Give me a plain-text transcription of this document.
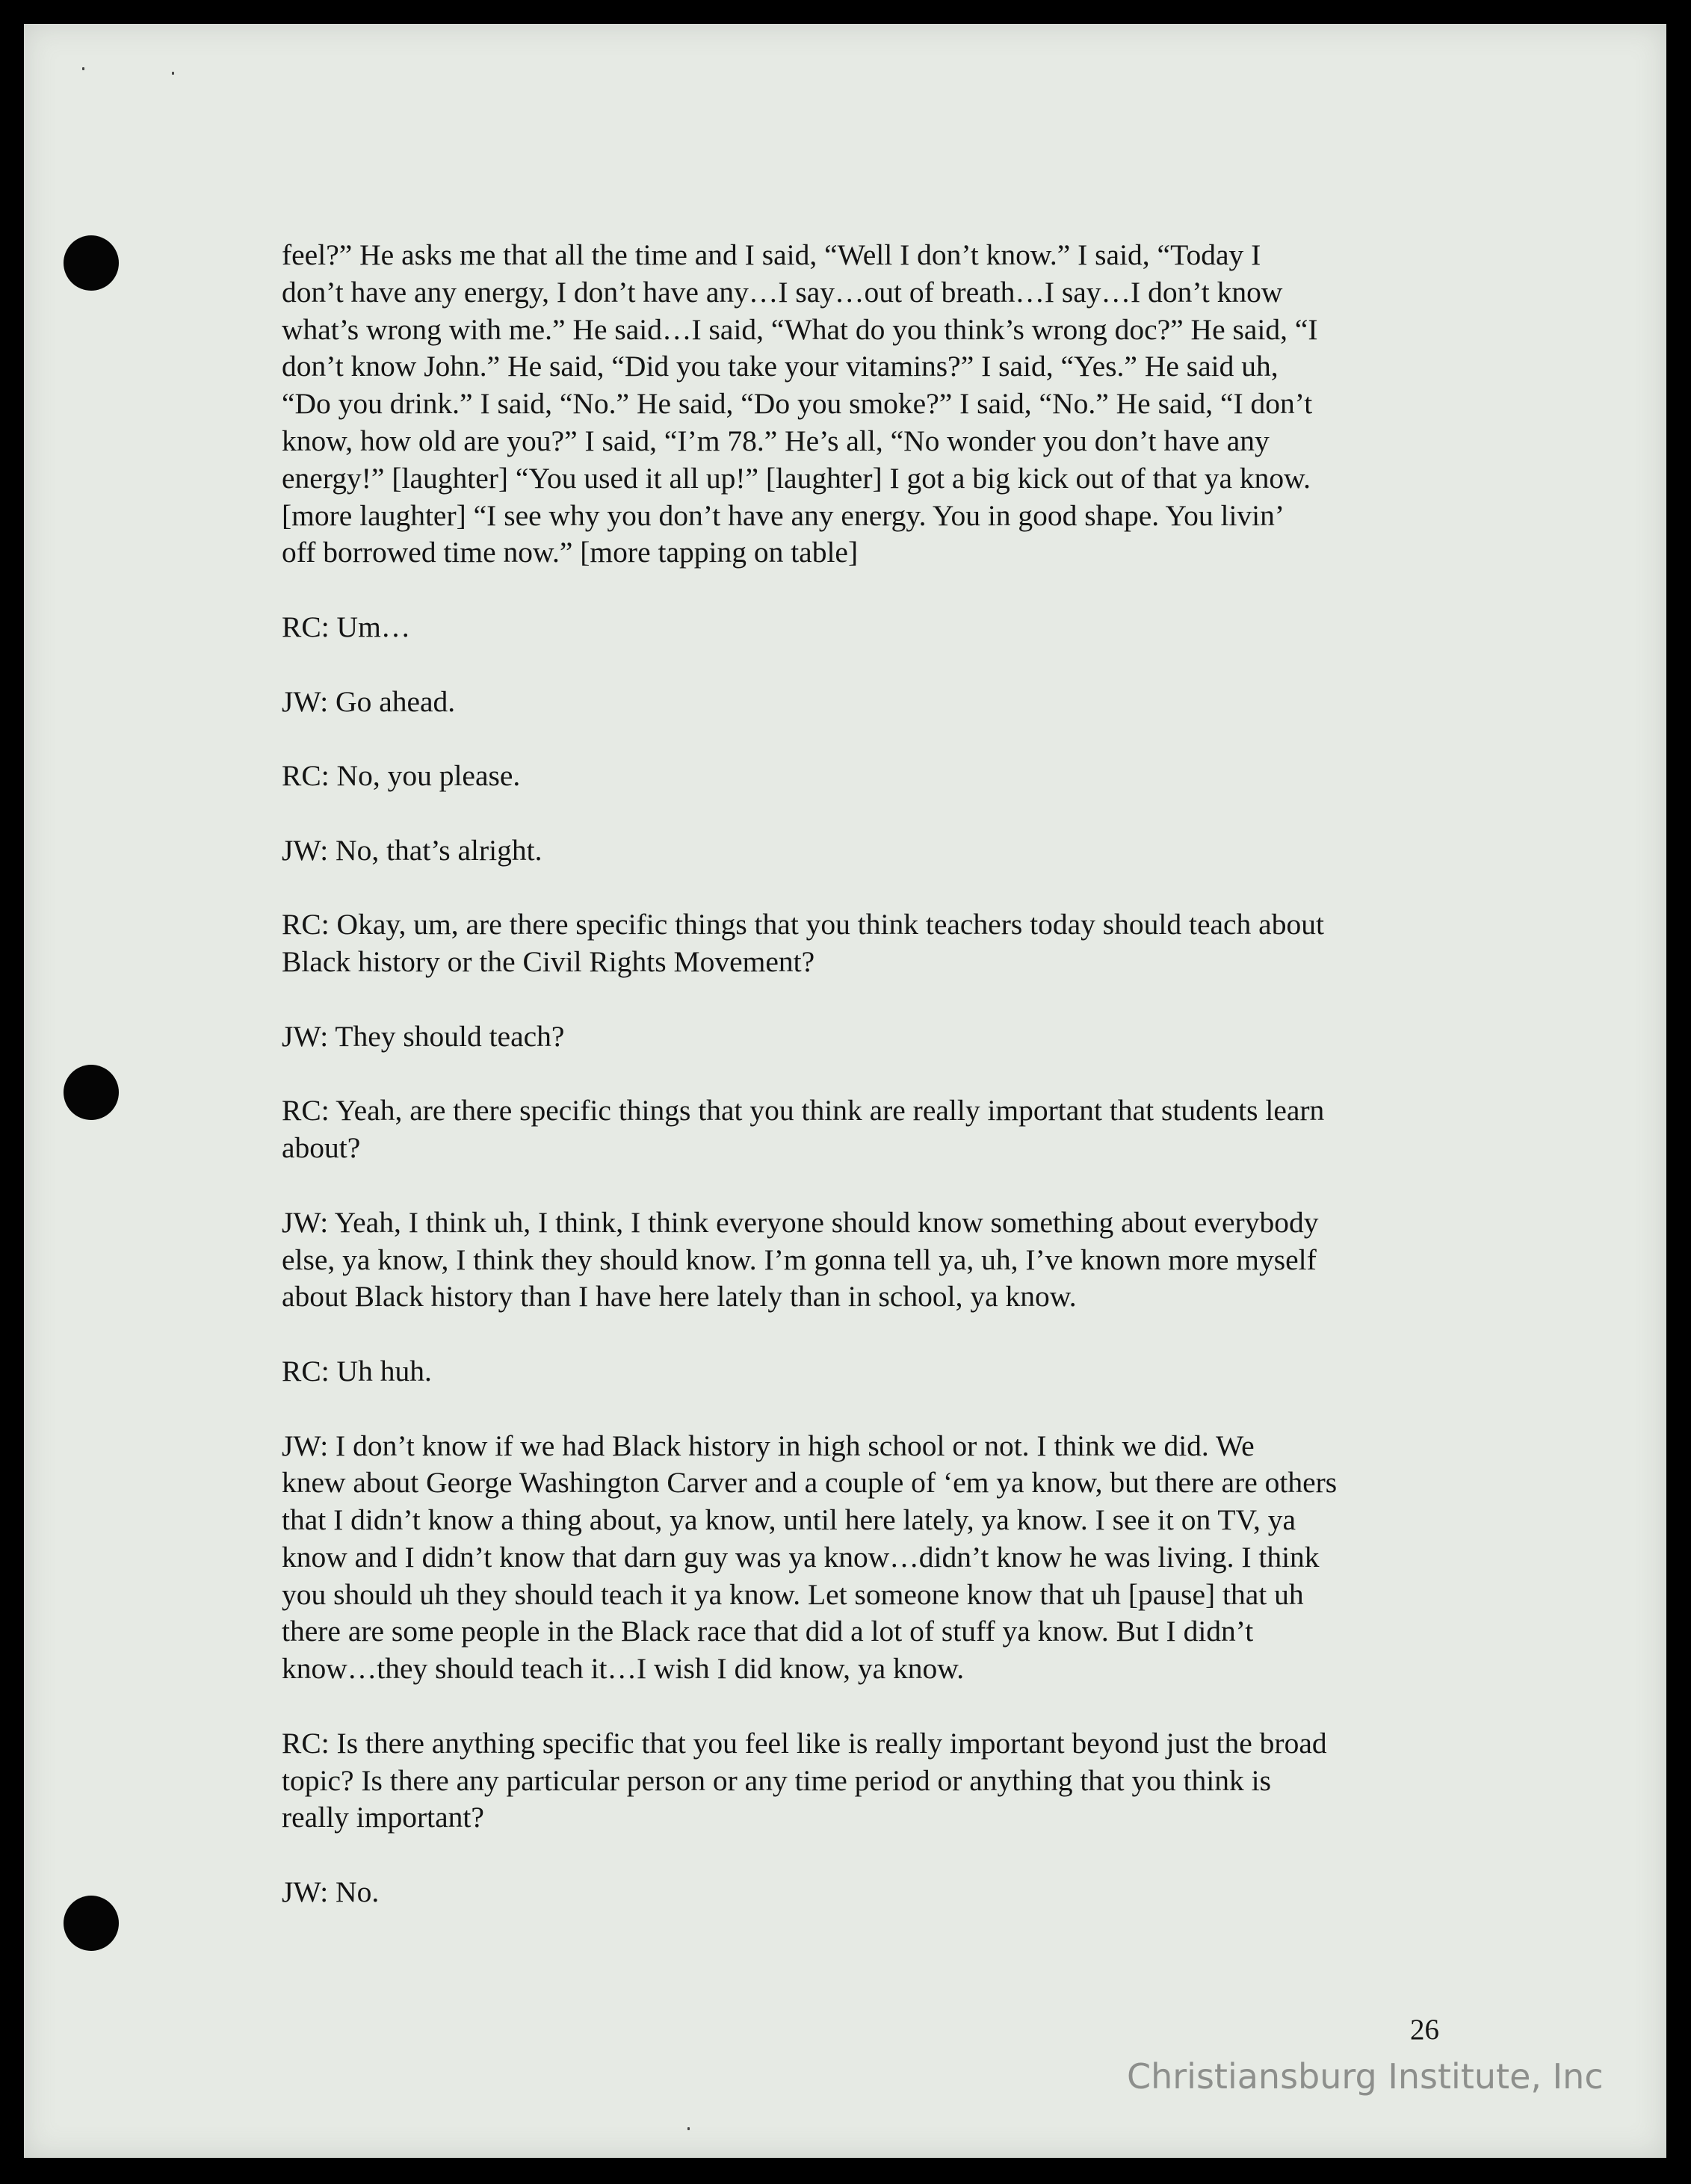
feel?” He asks me that all the time and I said, “Well I don’t know.” I said, “Today I
don’t have any energy, I don’t have any…I say…out of breath…I say…I don’t know
what’s wrong with me.” He said…I said, “What do you think’s wrong doc?” He said, “I
don’t know John.” He said, “Did you take your vitamins?” I said, “Yes.” He said uh,
“Do you drink.” I said, “No.” He said, “Do you smoke?” I said, “No.” He said, “I don’t
know, how old are you?” I said, “I’m 78.” He’s all, “No wonder you don’t have any
energy!” [laughter] “You used it all up!” [laughter] I got a big kick out of that ya know.
[more laughter] “I see why you don’t have any energy. You in good shape. You livin’
off borrowed time now.” [more tapping on table]
RC: Um…
JW: Go ahead.
RC: No, you please.
JW: No, that’s alright.
RC: Okay, um, are there specific things that you think teachers today should teach about
Black history or the Civil Rights Movement?
JW: They should teach?
RC: Yeah, are there specific things that you think are really important that students learn
about?
JW: Yeah, I think uh, I think, I think everyone should know something about everybody
else, ya know, I think they should know. I’m gonna tell ya, uh, I’ve known more myself
about Black history than I have here lately than in school, ya know.
RC: Uh huh.
JW: I don’t know if we had Black history in high school or not. I think we did. We
knew about George Washington Carver and a couple of ‘em ya know, but there are others
that I didn’t know a thing about, ya know, until here lately, ya know. I see it on TV, ya
know and I didn’t know that darn guy was ya know…didn’t know he was living. I think
you should uh they should teach it ya know. Let someone know that uh [pause] that uh
there are some people in the Black race that did a lot of stuff ya know. But I didn’t
know…they should teach it…I wish I did know, ya know.
RC: Is there anything specific that you feel like is really important beyond just the broad
topic? Is there any particular person or any time period or anything that you think is
really important?
JW: No.
26
Christiansburg Institute, Inc
